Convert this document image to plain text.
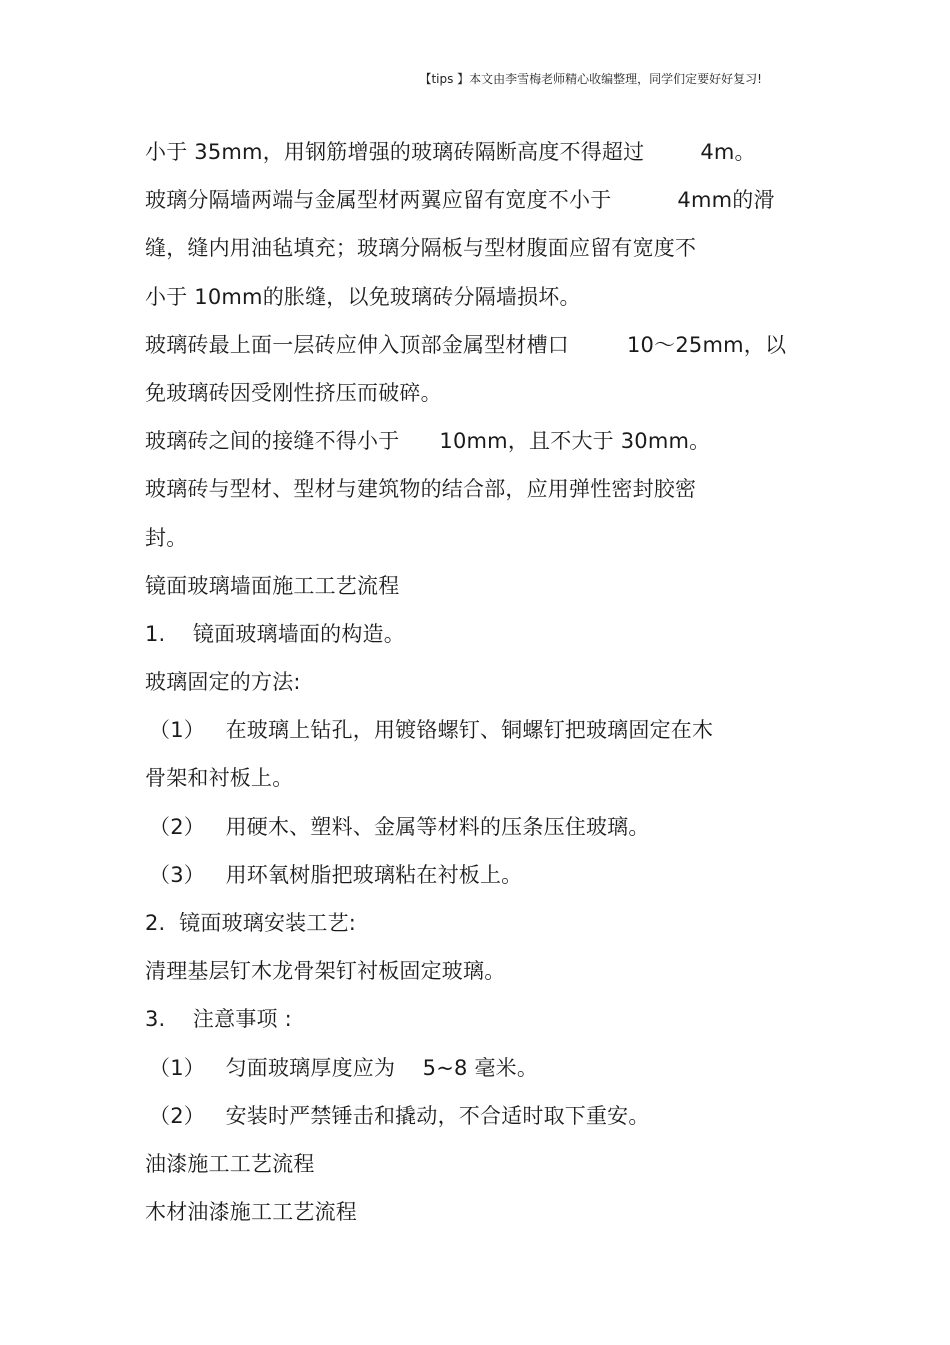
【tips 】本文由李雪梅老师精心收编整理，同学们定要好好复习!
小于 35mm，用钢筋增强的玻璃砖隔断高度不得超过	4m。
玻璃分隔墙两端与金属型材两翼应留有宽度不小于	4mm的滑
缝，缝内用油毡填充；玻璃分隔板与型材腹面应留有宽度不
小于 10mm的胀缝，以免玻璃砖分隔墙损坏。
玻璃砖最上面一层砖应伸入顶部金属型材槽口	10～25mm，以
免玻璃砖因受刚性挤压而破碎。
玻璃砖之间的接缝不得小于 10mm，且不大于 30mm。
玻璃砖与型材、型材与建筑物的结合部，应用弹性密封胶密
封。
镜面玻璃墙面施工工艺流程
1.    镜面玻璃墙面的构造。
玻璃固定的方法:
（1）   在玻璃上钻孔，用镀铬螺钉、铜螺钉把玻璃固定在木
骨架和衬板上。
（2）   用硬木、塑料、金属等材料的压条压住玻璃。
（3）   用环氧树脂把玻璃粘在衬板上。
2.  镜面玻璃安装工艺:
清理基层钉木龙骨架钉衬板固定玻璃。
3.    注意事项 :
（1）   匀面玻璃厚度应为    5~8 毫米。
（2）   安装时严禁锤击和撬动，不合适时取下重安。
油漆施工工艺流程
木材油漆施工工艺流程
